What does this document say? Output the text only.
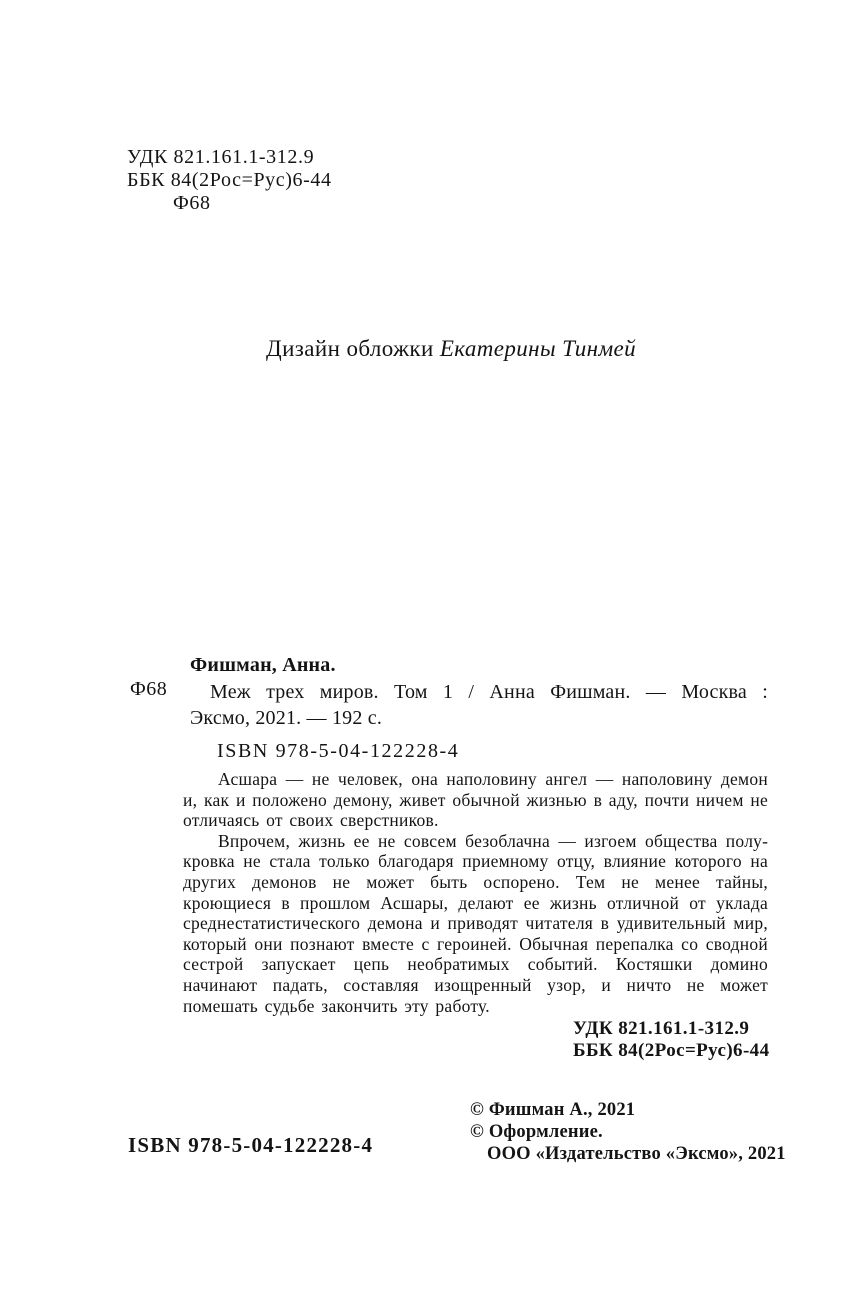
УДК 821.161.1-312.9
ББК 84(2Рос=Рус)6-44
Ф68
Дизайн обложки Екатерины Тинмей
Ф68
Фишман, Анна.
Меж трех миров. Том 1 / Анна Фишман. — Москва :
Эксмо, 2021. — 192 с.
ISBN 978-5-04-122228-4

Асшара — не человек, она наполовину ангел — наполовину демон и, как и положено демону, живет обычной жизнью в аду, почти ничем не отличаясь от своих сверстников.

Впрочем, жизнь ее не совсем безоблачна — изгоем общества полукровка не стала только благодаря приемному отцу, влияние которого на других демонов не может быть оспорено. Тем не менее тайны, кроющиеся в прошлом Асшары, делают ее жизнь отличной от уклада среднестатистического демона и приводят читателя в удивительный мир, который они познают вместе с героиней. Обычная перепалка со сводной сестрой запускает цепь необратимых событий. Костяшки домино начинают падать, составляя изощренный узор, и ничто не может помешать судьбе закончить эту работу.

УДК 821.161.1-312.9
ББК 84(2Рос=Рус)6-44
© Фишман А., 2021
© Оформление.
ООО «Издательство «Эксмо», 2021
ISBN 978-5-04-122228-4
